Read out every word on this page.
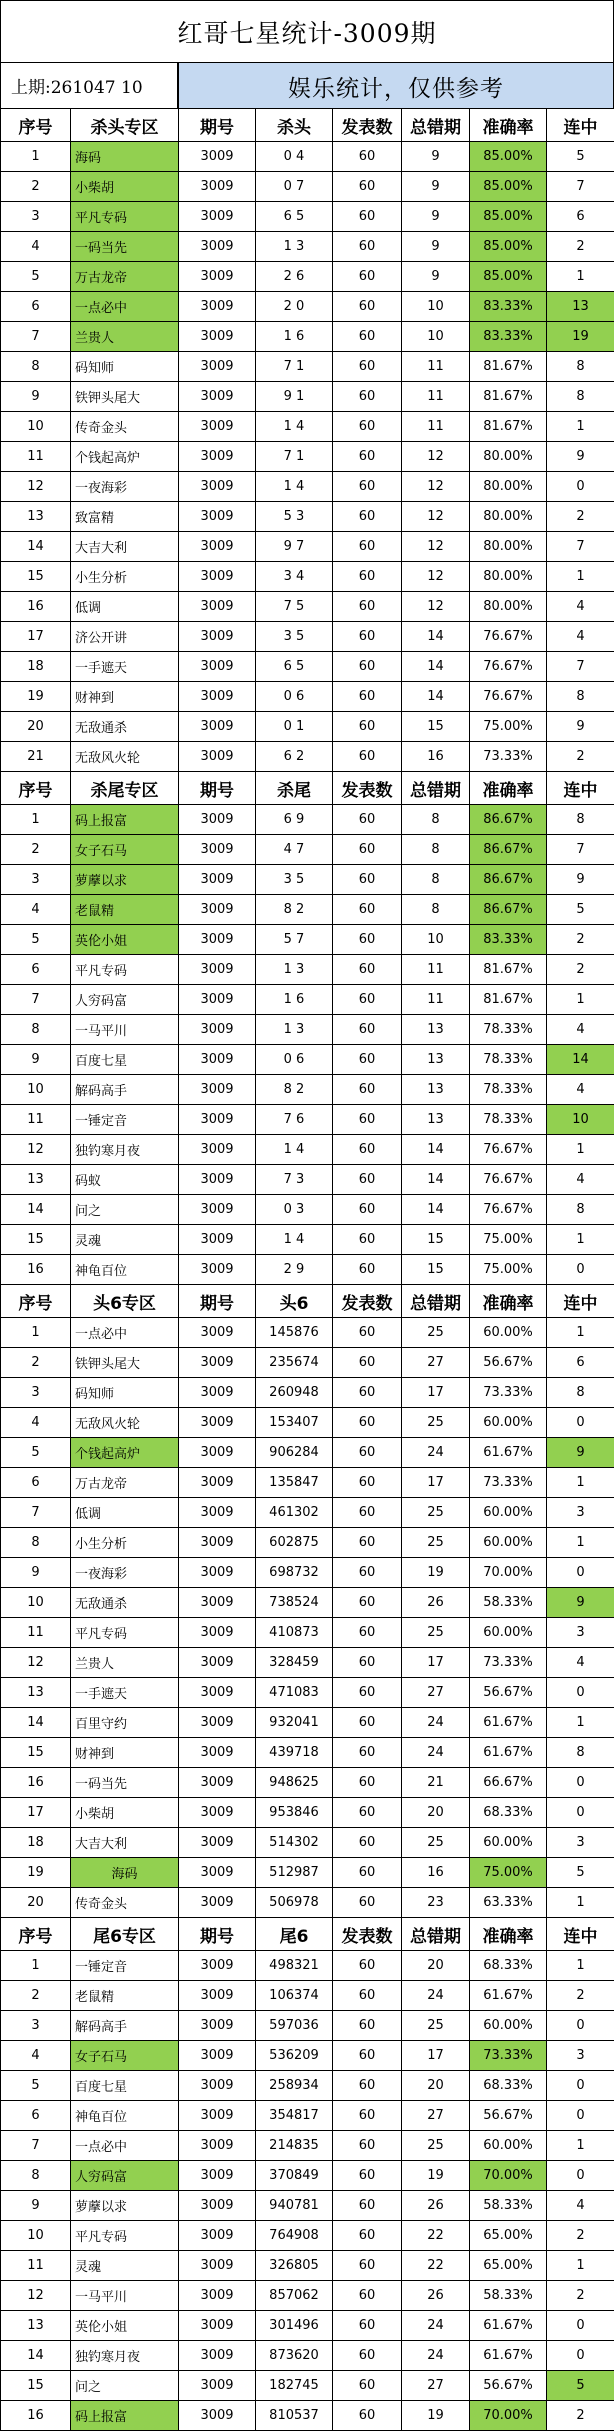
红哥七星统计-3009期
上期:261047 10	娱乐统计，仅供参考
序号	杀头专区	期号	杀头	发表数	总错期	准确率	连中
1	海码	3009	0 4	60	9	85.00%	5
2	小柴胡	3009	0 7	60	9	85.00%	7
3	平凡专码	3009	6 5	60	9	85.00%	6
4	一码当先	3009	1 3	60	9	85.00%	2
5	万古龙帝	3009	2 6	60	9	85.00%	1
6	一点必中	3009	2 0	60	10	83.33%	13
7	兰贵人	3009	1 6	60	10	83.33%	19
8	码知师	3009	7 1	60	11	81.67%	8
9	铁钾头尾大	3009	9 1	60	11	81.67%	8
10	传奇金头	3009	1 4	60	11	81.67%	1
11	个钱起高炉	3009	7 1	60	12	80.00%	9
12	一夜海彩	3009	1 4	60	12	80.00%	0
13	致富精	3009	5 3	60	12	80.00%	2
14	大吉大利	3009	9 7	60	12	80.00%	7
15	小生分析	3009	3 4	60	12	80.00%	1
16	低调	3009	7 5	60	12	80.00%	4
17	济公开讲	3009	3 5	60	14	76.67%	4
18	一手遮天	3009	6 5	60	14	76.67%	7
19	财神到	3009	0 6	60	14	76.67%	8
20	无敌通杀	3009	0 1	60	15	75.00%	9
21	无敌风火轮	3009	6 2	60	16	73.33%	2
序号	杀尾专区	期号	杀尾	发表数	总错期	准确率	连中
1	码上报富	3009	6 9	60	8	86.67%	8
2	女子石马	3009	4 7	60	8	86.67%	7
3	萝藦以求	3009	3 5	60	8	86.67%	9
4	老鼠精	3009	8 2	60	8	86.67%	5
5	英伦小姐	3009	5 7	60	10	83.33%	2
6	平凡专码	3009	1 3	60	11	81.67%	2
7	人穷码富	3009	1 6	60	11	81.67%	1
8	一马平川	3009	1 3	60	13	78.33%	4
9	百度七星	3009	0 6	60	13	78.33%	14
10	解码高手	3009	8 2	60	13	78.33%	4
11	一锤定音	3009	7 6	60	13	78.33%	10
12	独钓寒月夜	3009	1 4	60	14	76.67%	1
13	码蚁	3009	7 3	60	14	76.67%	4
14	问之	3009	0 3	60	14	76.67%	8
15	灵魂	3009	1 4	60	15	75.00%	1
16	神龟百位	3009	2 9	60	15	75.00%	0
序号	头6专区	期号	头6	发表数	总错期	准确率	连中
1	一点必中	3009	145876	60	25	60.00%	1
2	铁钾头尾大	3009	235674	60	27	56.67%	6
3	码知师	3009	260948	60	17	73.33%	8
4	无敌风火轮	3009	153407	60	25	60.00%	0
5	个钱起高炉	3009	906284	60	24	61.67%	9
6	万古龙帝	3009	135847	60	17	73.33%	1
7	低调	3009	461302	60	25	60.00%	3
8	小生分析	3009	602875	60	25	60.00%	1
9	一夜海彩	3009	698732	60	19	70.00%	0
10	无敌通杀	3009	738524	60	26	58.33%	9
11	平凡专码	3009	410873	60	25	60.00%	3
12	兰贵人	3009	328459	60	17	73.33%	4
13	一手遮天	3009	471083	60	27	56.67%	0
14	百里守约	3009	932041	60	24	61.67%	1
15	财神到	3009	439718	60	24	61.67%	8
16	一码当先	3009	948625	60	21	66.67%	0
17	小柴胡	3009	953846	60	20	68.33%	0
18	大吉大利	3009	514302	60	25	60.00%	3
19	海码	3009	512987	60	16	75.00%	5
20	传奇金头	3009	506978	60	23	63.33%	1
序号	尾6专区	期号	尾6	发表数	总错期	准确率	连中
1	一锤定音	3009	498321	60	20	68.33%	1
2	老鼠精	3009	106374	60	24	61.67%	2
3	解码高手	3009	597036	60	25	60.00%	0
4	女子石马	3009	536209	60	17	73.33%	3
5	百度七星	3009	258934	60	20	68.33%	0
6	神龟百位	3009	354817	60	27	56.67%	0
7	一点必中	3009	214835	60	25	60.00%	1
8	人穷码富	3009	370849	60	19	70.00%	0
9	萝藦以求	3009	940781	60	26	58.33%	4
10	平凡专码	3009	764908	60	22	65.00%	2
11	灵魂	3009	326805	60	22	65.00%	1
12	一马平川	3009	857062	60	26	58.33%	2
13	英伦小姐	3009	301496	60	24	61.67%	0
14	独钓寒月夜	3009	873620	60	24	61.67%	0
15	问之	3009	182745	60	27	56.67%	5
16	码上报富	3009	810537	60	19	70.00%	2
